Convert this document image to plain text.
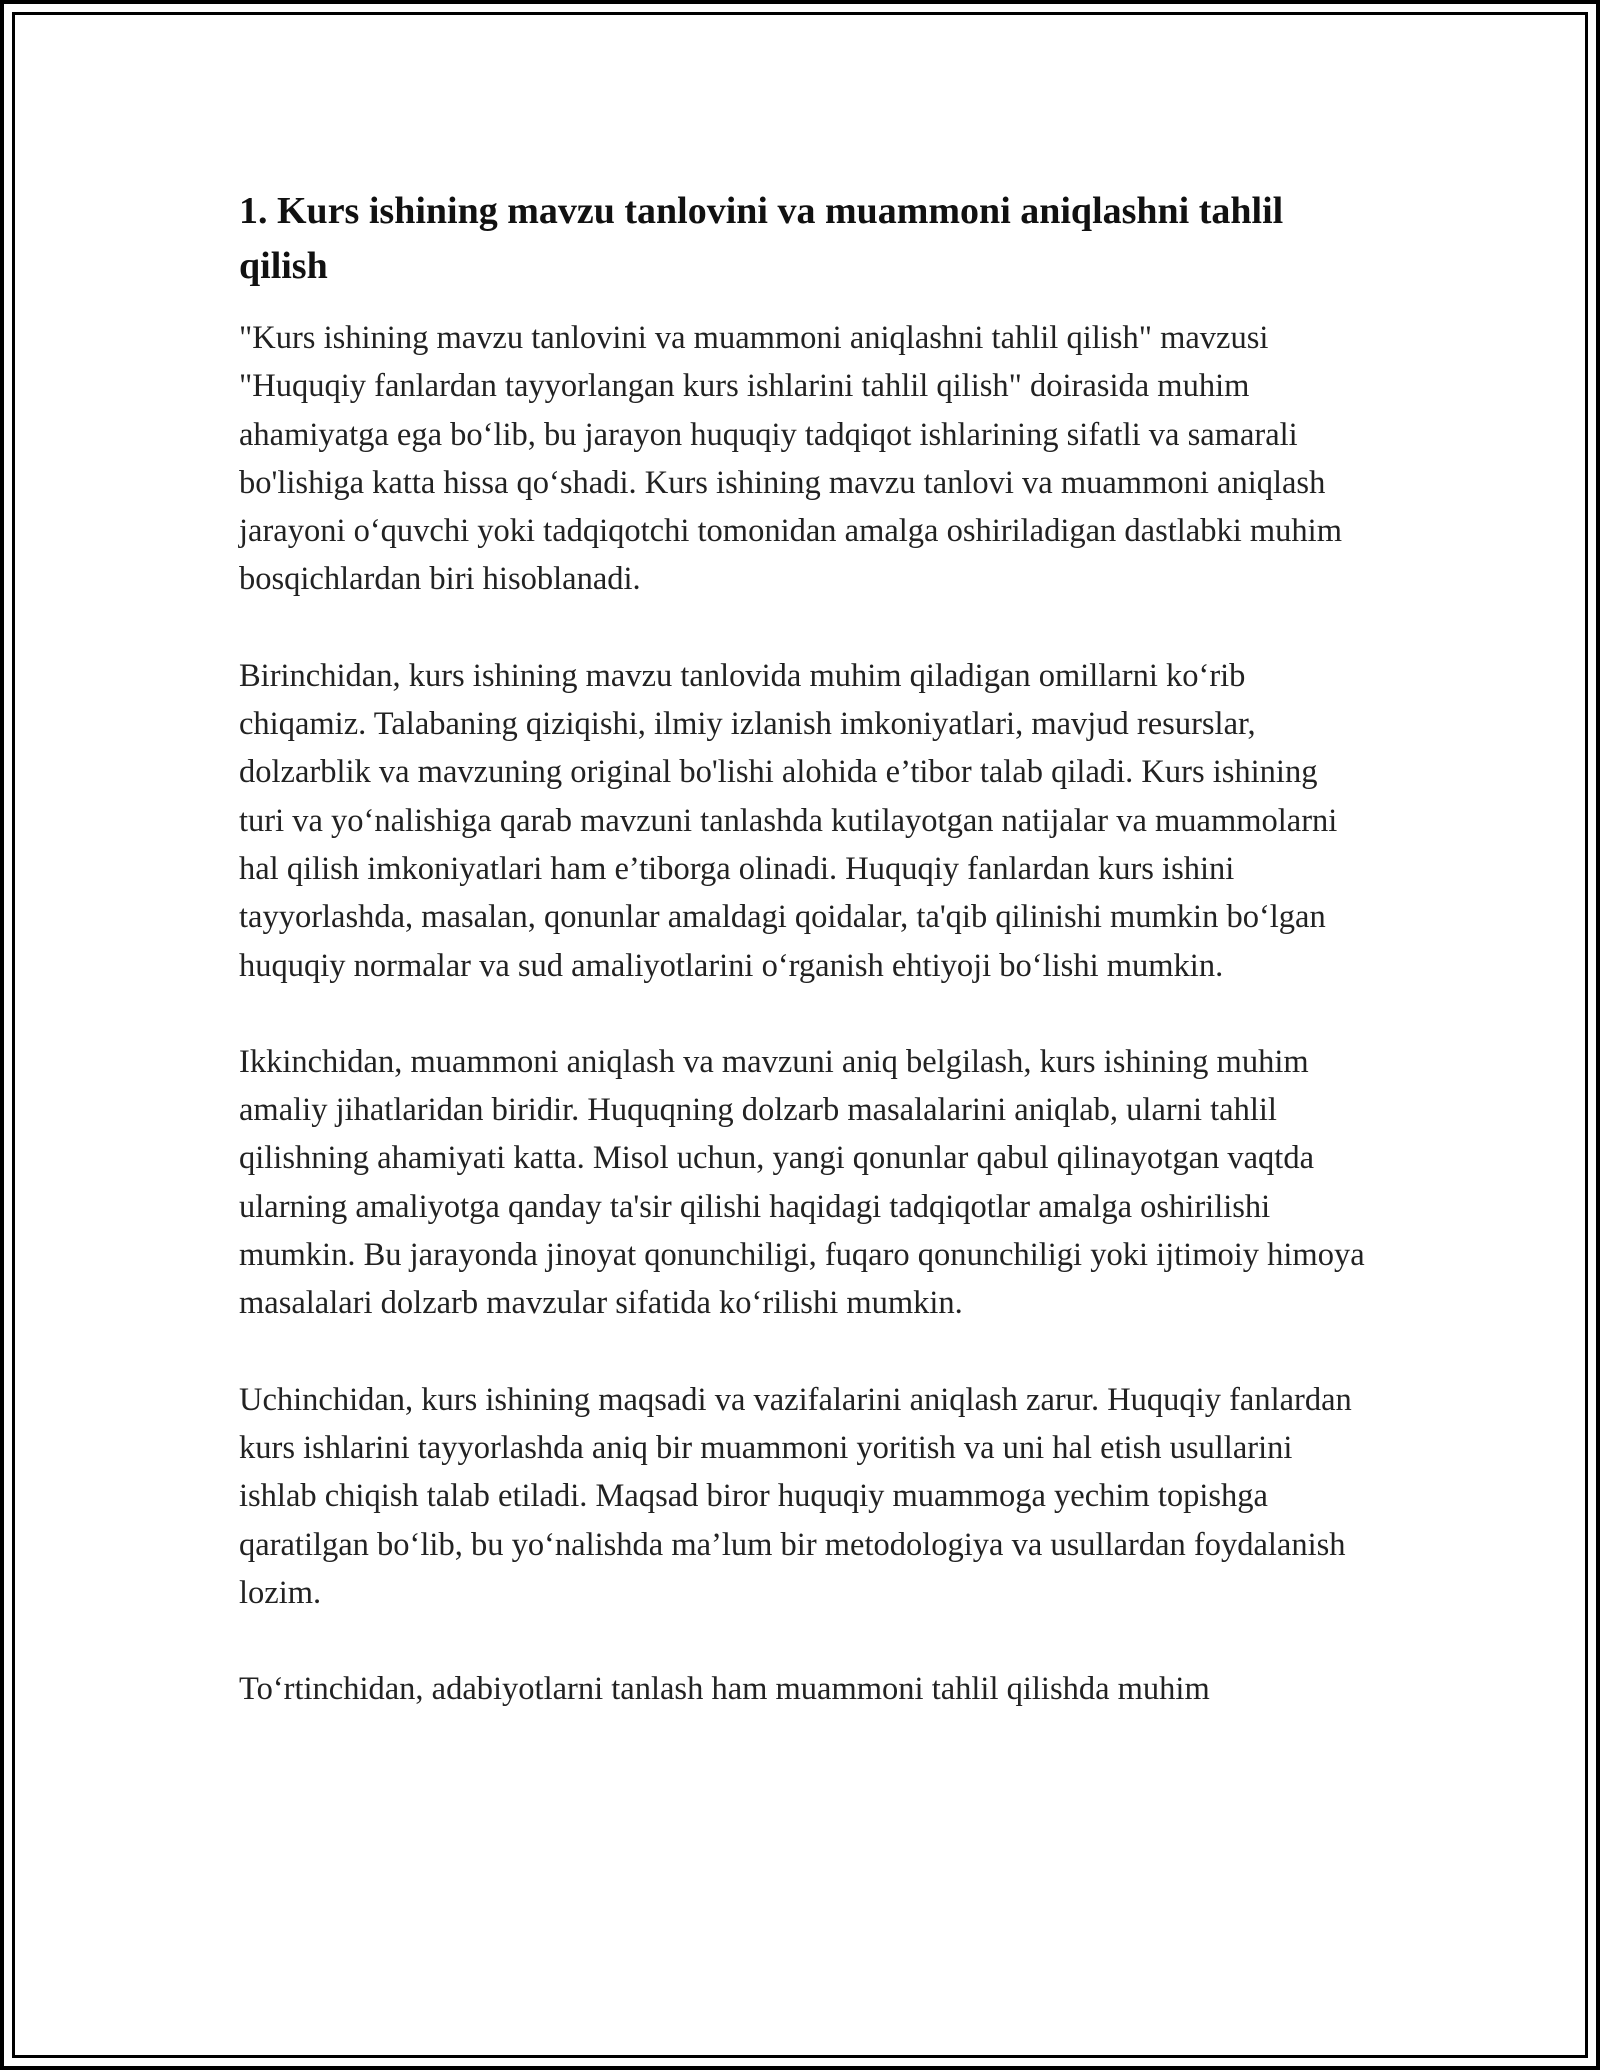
1. Kurs ishining mavzu tanlovini va muammoni aniqlashni tahlil qilish

"Kurs ishining mavzu tanlovini va muammoni aniqlashni tahlil qilish" mavzusi "Huquqiy fanlardan tayyorlangan kurs ishlarini tahlil qilish" doirasida muhim ahamiyatga ega bo‘lib, bu jarayon huquqiy tadqiqot ishlarining sifatli va samarali bo'lishiga katta hissa qo‘shadi. Kurs ishining mavzu tanlovi va muammoni aniqlash jarayoni o‘quvchi yoki tadqiqotchi tomonidan amalga oshiriladigan dastlabki muhim bosqichlardan biri hisoblanadi.

Birinchidan, kurs ishining mavzu tanlovida muhim qiladigan omillarni ko‘rib chiqamiz. Talabaning qiziqishi, ilmiy izlanish imkoniyatlari, mavjud resurslar, dolzarblik va mavzuning original bo'lishi alohida e’tibor talab qiladi. Kurs ishining turi va yo‘nalishiga qarab mavzuni tanlashda kutilayotgan natijalar va muammolarni hal qilish imkoniyatlari ham e’tiborga olinadi. Huquqiy fanlardan kurs ishini tayyorlashda, masalan, qonunlar amaldagi qoidalar, ta'qib qilinishi mumkin bo‘lgan huquqiy normalar va sud amaliyotlarini o‘rganish ehtiyoji bo‘lishi mumkin.

Ikkinchidan, muammoni aniqlash va mavzuni aniq belgilash, kurs ishining muhim amaliy jihatlaridan biridir. Huquqning dolzarb masalalarini aniqlab, ularni tahlil qilishning ahamiyati katta. Misol uchun, yangi qonunlar qabul qilinayotgan vaqtda ularning amaliyotga qanday ta'sir qilishi haqidagi tadqiqotlar amalga oshirilishi mumkin. Bu jarayonda jinoyat qonunchiligi, fuqaro qonunchiligi yoki ijtimoiy himoya masalalari dolzarb mavzular sifatida ko‘rilishi mumkin.

Uchinchidan, kurs ishining maqsadi va vazifalarini aniqlash zarur. Huquqiy fanlardan kurs ishlarini tayyorlashda aniq bir muammoni yoritish va uni hal etish usullarini ishlab chiqish talab etiladi. Maqsad biror huquqiy muammoga yechim topishga qaratilgan bo‘lib, bu yo‘nalishda ma’lum bir metodologiya va usullardan foydalanish lozim.

To‘rtinchidan, adabiyotlarni tanlash ham muammoni tahlil qilishda muhim
